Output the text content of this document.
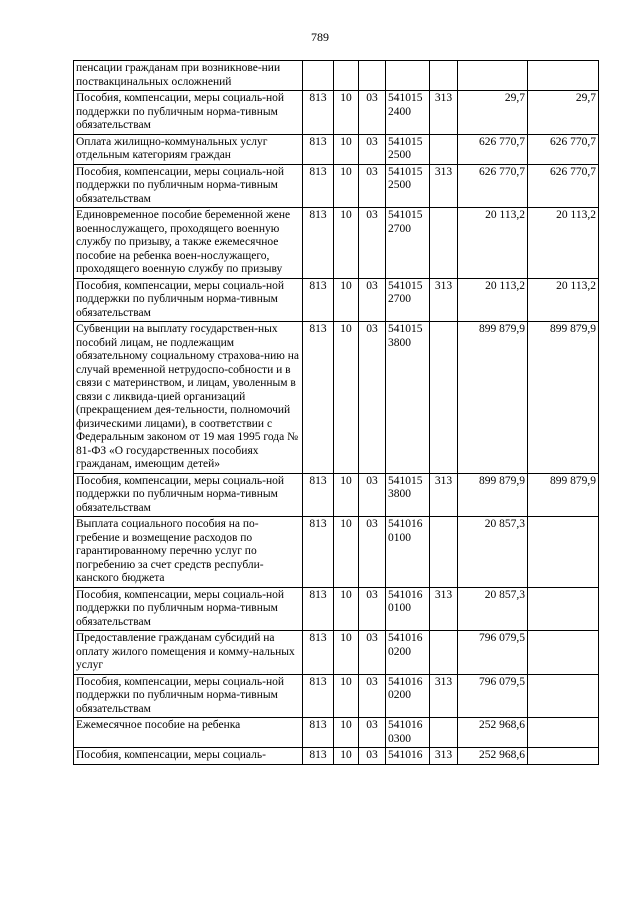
789
пенсации гражданам при возникнове-нии поствакцинальных осложнений							
Пособия, компенсации, меры социаль-ной поддержки по публичным норма-тивным обязательствам	813	10	03	5410152400	313	29,7	29,7
Оплата жилищно-коммунальных услуг отдельным категориям граждан	813	10	03	5410152500		626 770,7	626 770,7
Пособия, компенсации, меры социаль-ной поддержки по публичным норма-тивным обязательствам	813	10	03	5410152500	313	626 770,7	626 770,7
Единовременное пособие беременной жене военнослужащего, проходящего военную службу по призыву, а также ежемесячное пособие на ребенка воен-нослужащего, проходящего военную службу по призыву	813	10	03	5410152700		20 113,2	20 113,2
Пособия, компенсации, меры социаль-ной поддержки по публичным норма-тивным обязательствам	813	10	03	5410152700	313	20 113,2	20 113,2
Субвенции на выплату государствен-ных пособий лицам, не подлежащим обязательному социальному страхова-нию на случай временной нетрудоспо-собности и в связи с материнством, и лицам, уволенным в связи с ликвида-цией организаций (прекращением дея-тельности, полномочий физическими лицами), в соответствии с Федеральным законом от 19 мая 1995 года № 81-ФЗ «О государственных пособиях гражданам, имеющим детей»	813	10	03	5410153800		899 879,9	899 879,9
Пособия, компенсации, меры социаль-ной поддержки по публичным норма-тивным обязательствам	813	10	03	5410153800	313	899 879,9	899 879,9
Выплата социального пособия на по-гребение и возмещение расходов по гарантированному перечню услуг по погребению за счет средств республи-канского бюджета	813	10	03	5410160100		20 857,3	
Пособия, компенсации, меры социаль-ной поддержки по публичным норма-тивным обязательствам	813	10	03	5410160100	313	20 857,3	
Предоставление гражданам субсидий на оплату жилого помещения и комму-нальных услуг	813	10	03	5410160200		796 079,5	
Пособия, компенсации, меры социаль-ной поддержки по публичным норма-тивным обязательствам	813	10	03	5410160200	313	796 079,5	
Ежемесячное пособие на ребенка	813	10	03	5410160300		252 968,6	
Пособия, компенсации, меры социаль-	813	10	03	541016	313	252 968,6	
